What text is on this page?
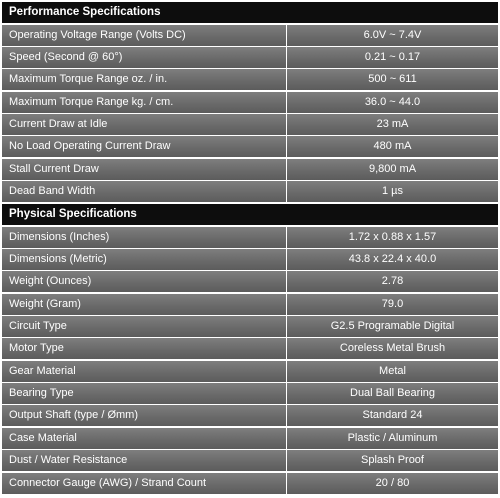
Performance Specifications
Operating Voltage Range (Volts DC)	6.0V ~ 7.4V
Speed (Second @ 60°)	0.21 ~ 0.17
Maximum Torque Range oz. / in.	500 ~ 611
Maximum Torque Range kg. / cm.	36.0 ~ 44.0
Current Draw at Idle	23 mA
No Load Operating Current Draw	480 mA
Stall Current Draw	9,800 mA
Dead Band Width	1 µs
Physical Specifications
Dimensions (Inches)	1.72 x 0.88 x 1.57
Dimensions (Metric)	43.8 x 22.4 x 40.0
Weight (Ounces)	2.78
Weight (Gram)	79.0
Circuit Type	G2.5 Programable Digital
Motor Type	Coreless Metal Brush
Gear Material	Metal
Bearing Type	Dual Ball Bearing
Output Shaft (type / Ømm)	Standard 24
Case Material	Plastic / Aluminum
Dust / Water Resistance	Splash Proof
Connector Gauge (AWG) / Strand Count	20 / 80
